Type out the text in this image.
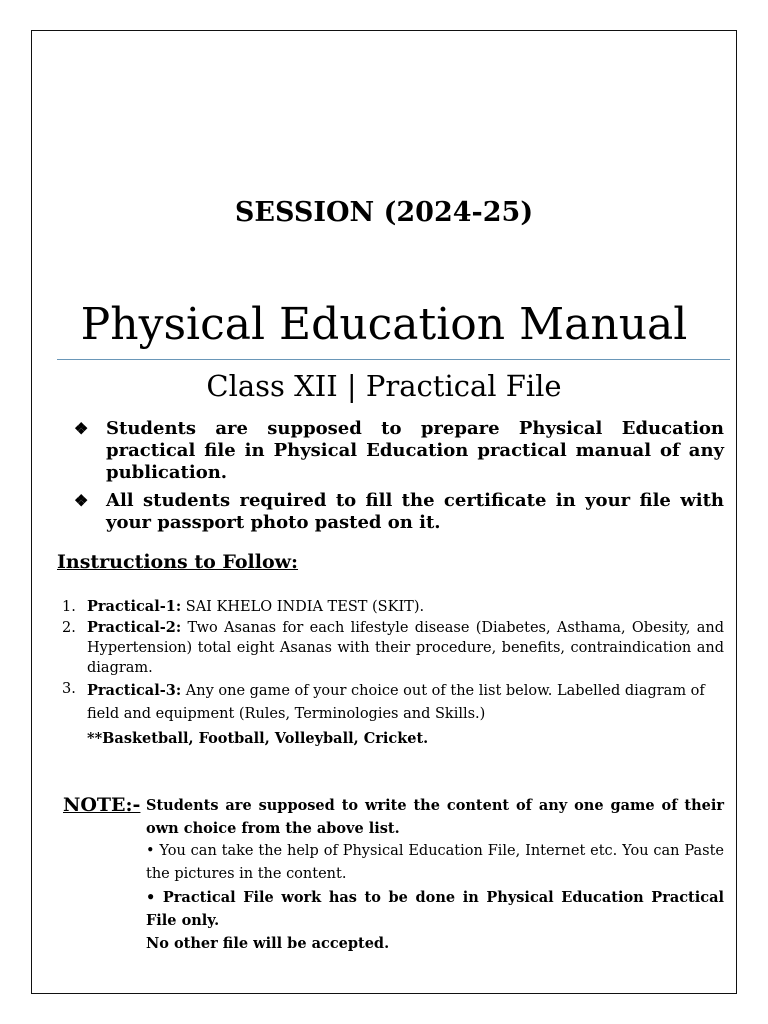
SESSION (2024-25)
Physical Education Manual
Class XII | Practical File
❖ Students are supposed to prepare Physical Education practical file in Physical Education practical manual of any publication.
❖ All students required to fill the certificate in your file with your passport photo pasted on it.
Instructions to Follow:
1. Practical-1: SAI KHELO INDIA TEST (SKIT).
2. Practical-2: Two Asanas for each lifestyle disease (Diabetes, Asthama, Obesity, and Hypertension) total eight Asanas with their procedure, benefits, contraindication and diagram.
3. Practical-3: Any one game of your choice out of the list below. Labelled diagram of field and equipment (Rules, Terminologies and Skills.)
**Basketball, Football, Volleyball, Cricket.
NOTE:- Students are supposed to write the content of any one game of their own choice from the above list.
• You can take the help of Physical Education File, Internet etc. You can Paste the pictures in the content.
• Practical File work has to be done in Physical Education Practical File only.
No other file will be accepted.
